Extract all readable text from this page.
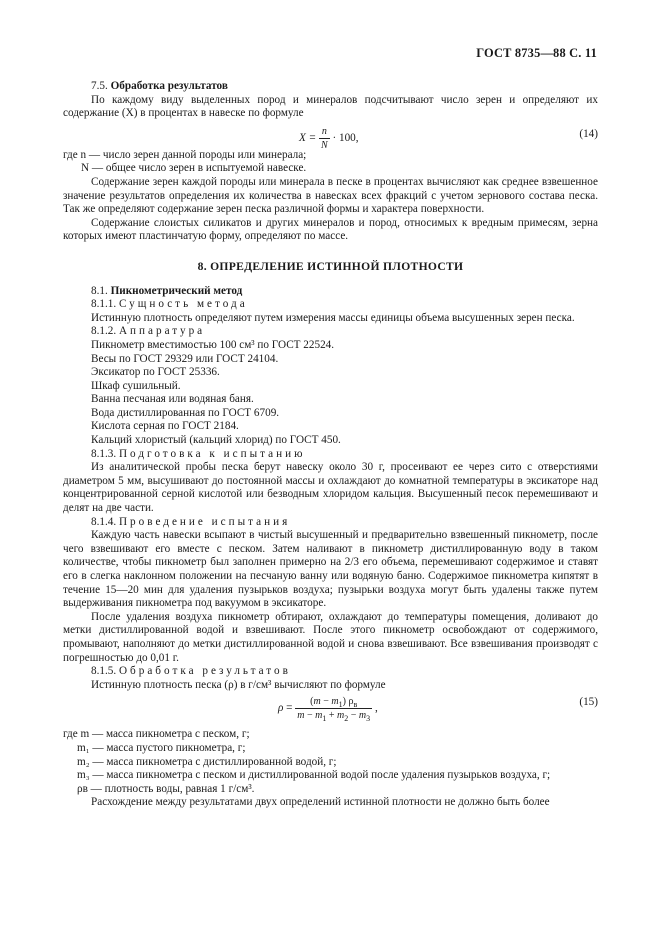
ГОСТ 8735—88 С. 11

7.5. Обработка результатов

По каждому виду выделенных пород и минералов подсчитывают число зерен и определяют их содержание (X) в процентах в навеске по формуле

$X = \frac{n}{N} \cdot 100$,	(14)

где n — число зерен данной породы или минерала;

N — общее число зерен в испытуемой навеске.

Содержание зерен каждой породы или минерала в песке в процентах вычисляют как среднее взвешенное значение результатов определения их количества в навесках всех фракций с учетом зернового состава песка. Так же определяют содержание зерен песка различной формы и характера поверхности.

Содержание слоистых силикатов и других минералов и пород, относимых к вредным примесям, зерна которых имеют пластинчатую форму, определяют по массе.

8. ОПРЕДЕЛЕНИЕ ИСТИННОЙ ПЛОТНОСТИ

8.1. Пикнометрический метод

8.1.1. Сущность метода

Истинную плотность определяют путем измерения массы единицы объема высушенных зерен песка.

8.1.2. Аппаратура

Пикнометр вместимостью 100 см³ по ГОСТ 22524.

Весы по ГОСТ 29329 или ГОСТ 24104.

Эксикатор по ГОСТ 25336.

Шкаф сушильный.

Ванна песчаная или водяная баня.

Вода дистиллированная по ГОСТ 6709.

Кислота серная по ГОСТ 2184.

Кальций хлористый (кальций хлорид) по ГОСТ 450.

8.1.3. Подготовка к испытанию

Из аналитической пробы песка берут навеску около 30 г, просеивают ее через сито с отверстиями диаметром 5 мм, высушивают до постоянной массы и охлаждают до комнатной температуры в эксикаторе над концентрированной серной кислотой или безводным хлоридом кальция. Высушенный песок перемешивают и делят на две части.

8.1.4. Проведение испытания

Каждую часть навески всыпают в чистый высушенный и предварительно взвешенный пикнометр, после чего взвешивают его вместе с песком. Затем наливают в пикнометр дистиллированную воду в таком количестве, чтобы пикнометр был заполнен примерно на 2/3 его объема, перемешивают содержимое и ставят его в слегка наклонном положении на песчаную ванну или водяную баню. Содержимое пикнометра кипятят в течение 15—20 мин для удаления пузырьков воздуха; пузырьки воздуха могут быть удалены также путем выдерживания пикнометра под вакуумом в эксикаторе.

После удаления воздуха пикнометр обтирают, охлаждают до температуры помещения, доливают до метки дистиллированной водой и взвешивают. После этого пикнометр освобождают от содержимого, промывают, наполняют до метки дистиллированной водой и снова взвешивают. Все взвешивания производят с погрешностью до 0,01 г.

8.1.5. Обработка результатов

Истинную плотность песка (ρ) в г/см³ вычисляют по формуле

$\rho = \frac{(m - m_1) \rho_в}{m - m_1 + m_2 - m_3}$ ,
(15)

где m — масса пикнометра с песком, г;

m₁ — масса пустого пикнометра, г;

m₂ — масса пикнометра с дистиллированной водой, г;

m₃ — масса пикнометра с песком и дистиллированной водой после удаления пузырьков воздуха, г;

ρв — плотность воды, равная 1 г/см³.

Расхождение между результатами двух определений истинной плотности не должно быть более
